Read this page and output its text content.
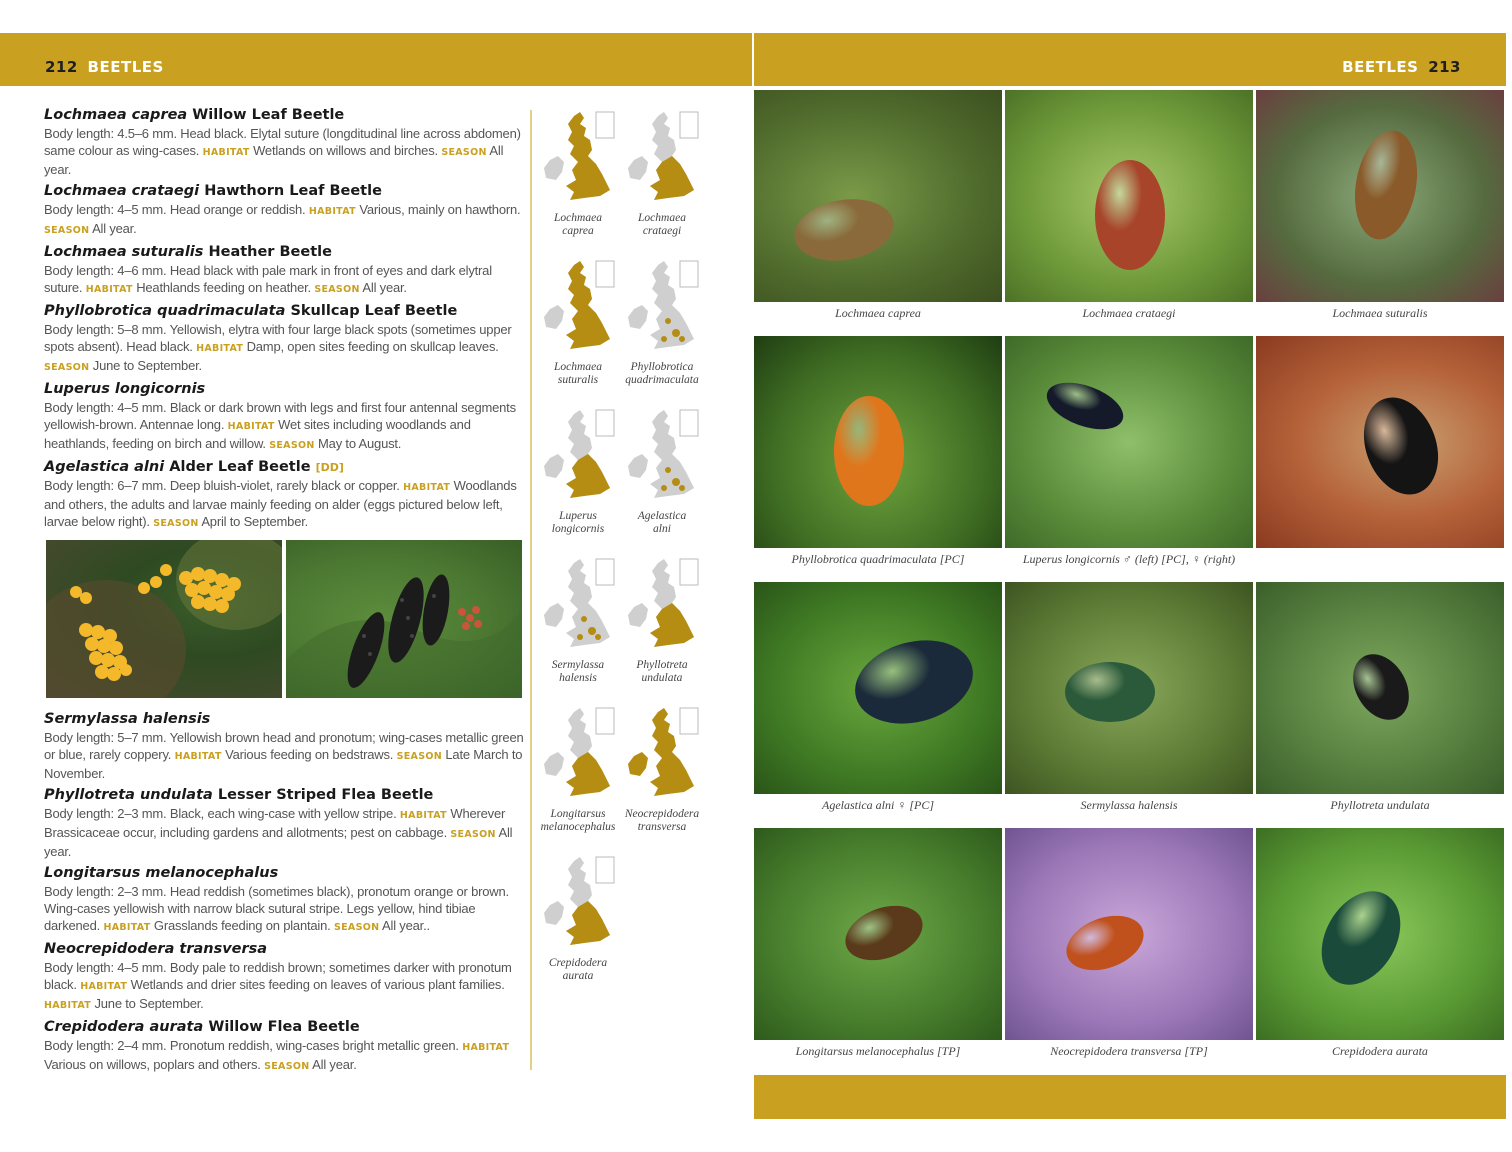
212 BEETLES	BEETLES 213
Lochmaea caprea Willow Leaf Beetle

Body length: 4.5–6 mm. Head black. Elytal suture (longditudinal line across abdomen) same colour as wing-cases. HABITAT Wetlands on willows and birches. SEASON All year.

Lochmaea crataegi Hawthorn Leaf Beetle

Body length: 4–5 mm. Head orange or reddish. HABITAT Various, mainly on hawthorn. SEASON All year.

Lochmaea suturalis Heather Beetle

Body length: 4–6 mm. Head black with pale mark in front of eyes and dark elytral suture. HABITAT Heathlands feeding on heather. SEASON All year.

Phyllobrotica quadrimaculata Skullcap Leaf Beetle

Body length: 5–8 mm. Yellowish, elytra with four large black spots (sometimes upper spots absent). Head black. HABITAT Damp, open sites feeding on skullcap leaves. SEASON June to September.

Luperus longicornis

Body length: 4–5 mm. Black or dark brown with legs and first four antennal segments yellowish-brown. Antennae long. HABITAT Wet sites including woodlands and heathlands, feeding on birch and willow. SEASON May to August.

Agelastica alni Alder Leaf Beetle [DD]

Body length: 6–7 mm. Deep bluish-violet, rarely black or copper. HABITAT Woodlands and others, the adults and larvae mainly feeding on alder (eggs pictured below left, larvae below right). SEASON April to September.

Sermylassa halensis

Body length: 5–7 mm. Yellowish brown head and pronotum; wing-cases metallic green or blue, rarely coppery. HABITAT Various feeding on bedstraws. SEASON Late March to November.

Phyllotreta undulata Lesser Striped Flea Beetle

Body length: 2–3 mm. Black, each wing-case with yellow stripe. HABITAT Wherever Brassicaceae occur, including gardens and allotments; pest on cabbage. SEASON All year.

Longitarsus melanocephalus

Body length: 2–3 mm. Head reddish (sometimes black), pronotum orange or brown. Wing-cases yellowish with narrow black sutural stripe. Legs yellow, hind tibiae darkened. HABITAT Grasslands feeding on plantain. SEASON All year..

Neocrepidodera transversa

Body length: 4–5 mm. Body pale to reddish brown; sometimes darker with pronotum black. HABITAT Wetlands and drier sites feeding on leaves of various plant families. HABITAT June to September.

Crepidodera aurata Willow Flea Beetle

Body length: 2–4 mm. Pronotum reddish, wing-cases bright metallic green. HABITAT Various on willows, poplars and others. SEASON All year.

Lochmaea
caprea
Lochmaea
crataegi
Lochmaea
suturalis
Phyllobrotica
quadrimaculata
Luperus
longicornis
Agelastica
alni
Sermylassa
halensis
Phyllotreta
undulata
Longitarsus
melanocephalus
Neocrepidodera
transversa
Crepidodera
aurata
Lochmaea caprea	Lochmaea crataegi	Lochmaea suturalis
Phyllobrotica quadrimaculata [PC]	Luperus longicornis ♂ (left) [PC], ♀ (right)
Agelastica alni ♀ [PC]	Sermylassa halensis	Phyllotreta undulata
Longitarsus melanocephalus [TP]	Neocrepidodera transversa [TP]	Crepidodera aurata
